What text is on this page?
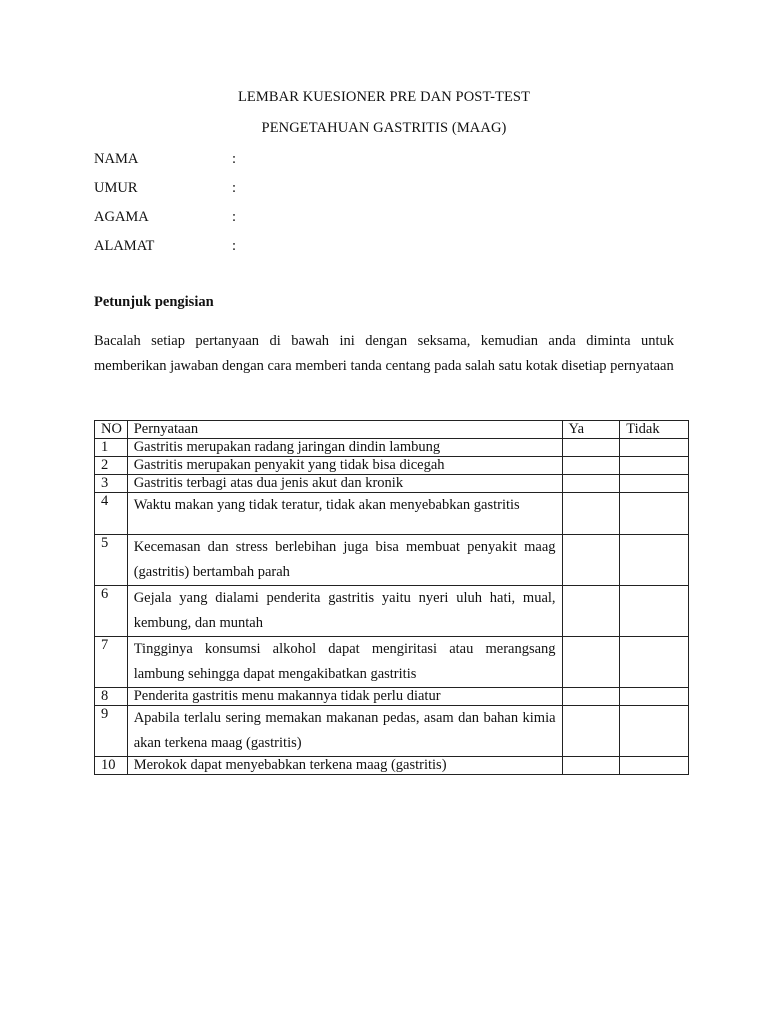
LEMBAR KUESIONER PRE DAN POST-TEST
PENGETAHUAN GASTRITIS (MAAG)
NAMA	:
UMUR	:
AGAMA	:
ALAMAT	:
Petunjuk pengisian
Bacalah setiap pertanyaan di bawah ini dengan seksama, kemudian anda diminta untuk memberikan jawaban dengan cara memberi tanda centang pada salah satu kotak disetiap pernyataan
NO	Pernyataan	Ya	Tidak
1	Gastritis merupakan radang jaringan dindin lambung		
2	Gastritis merupakan penyakit yang tidak bisa dicegah		
3	Gastritis terbagi atas dua jenis akut dan kronik		
4	Waktu makan yang tidak teratur, tidak akan menyebabkan gastritis		
5	Kecemasan dan stress berlebihan juga bisa membuat penyakit maag (gastritis) bertambah parah		
6	Gejala yang dialami penderita gastritis yaitu nyeri uluh hati, mual, kembung, dan muntah		
7	Tingginya konsumsi alkohol dapat mengiritasi atau merangsang lambung sehingga dapat mengakibatkan gastritis		
8	Penderita gastritis menu makannya tidak perlu diatur		
9	Apabila terlalu sering memakan makanan pedas, asam dan bahan kimia akan terkena maag (gastritis)		
10	Merokok dapat menyebabkan terkena maag (gastritis)		
